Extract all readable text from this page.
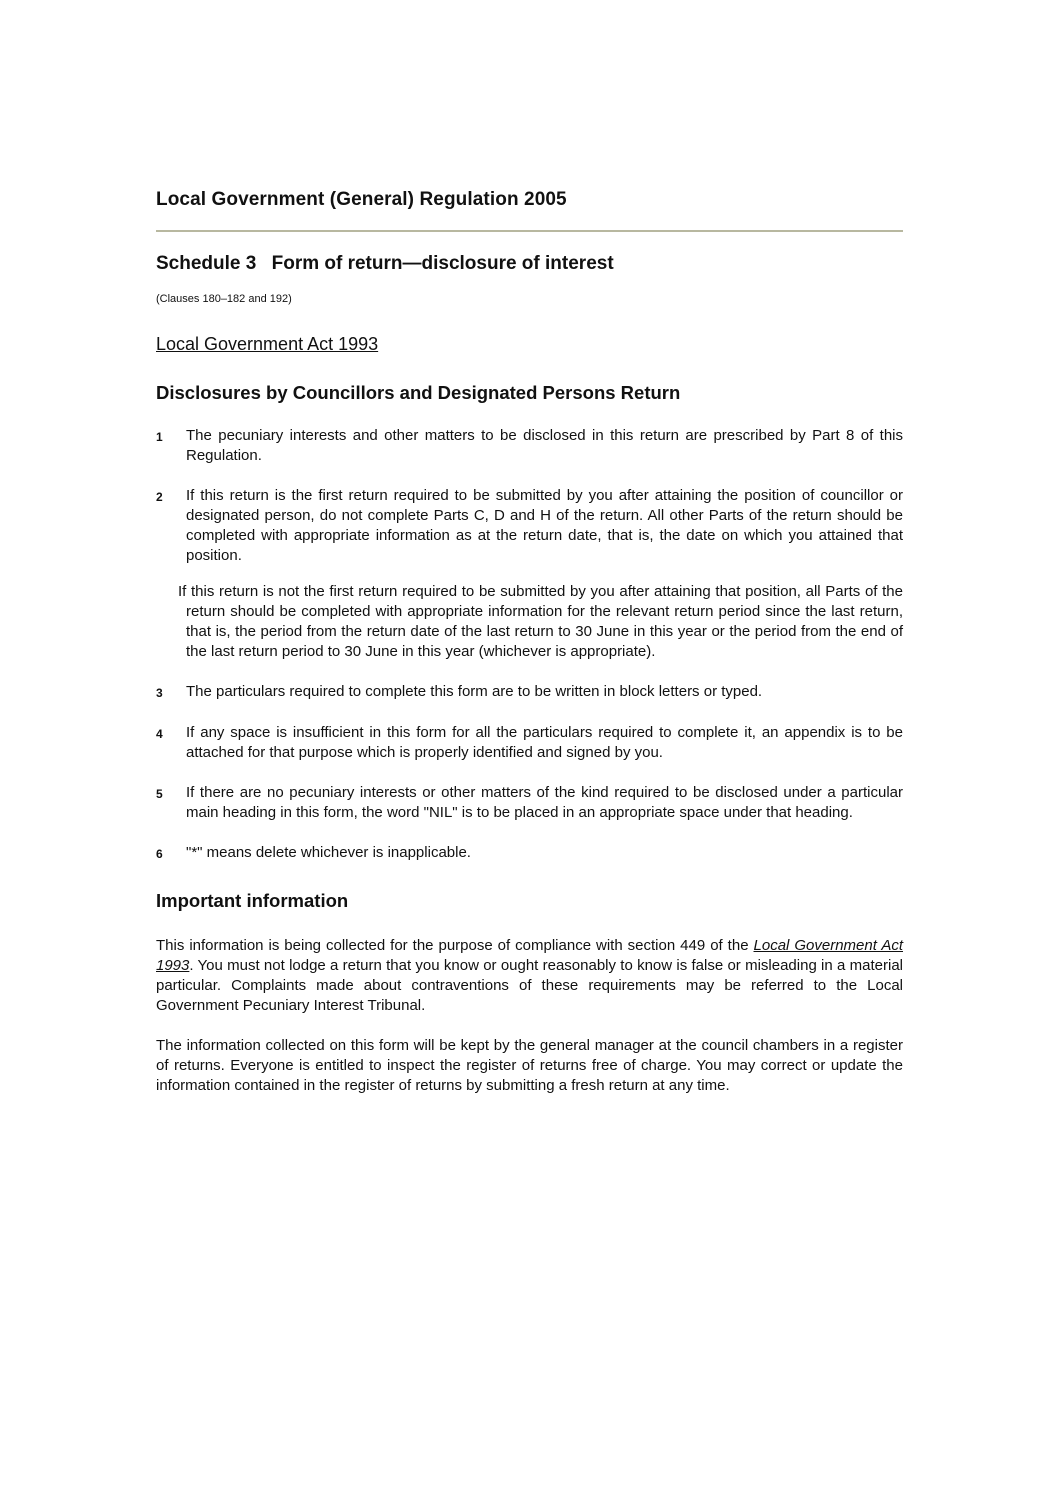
Local Government (General) Regulation 2005
Schedule 3 Form of return—disclosure of interest
(Clauses 180–182 and 192)
Local Government Act 1993
Disclosures by Councillors and Designated Persons Return
1	The pecuniary interests and other matters to be disclosed in this return are prescribed by Part 8 of this Regulation.
2	If this return is the first return required to be submitted by you after attaining the position of councillor or designated person, do not complete Parts C, D and H of the return. All other Parts of the return should be completed with appropriate information as at the return date, that is, the date on which you attained that position.
If this return is not the first return required to be submitted by you after attaining that position, all Parts of the return should be completed with appropriate information for the relevant return period since the last return, that is, the period from the return date of the last return to 30 June in this year or the period from the end of the last return period to 30 June in this year (whichever is appropriate).
3	The particulars required to complete this form are to be written in block letters or typed.
4	If any space is insufficient in this form for all the particulars required to complete it, an appendix is to be attached for that purpose which is properly identified and signed by you.
5	If there are no pecuniary interests or other matters of the kind required to be disclosed under a particular main heading in this form, the word "NIL" is to be placed in an appropriate space under that heading.
6	"*" means delete whichever is inapplicable.
Important information

This information is being collected for the purpose of compliance with section 449 of the Local Government Act 1993. You must not lodge a return that you know or ought reasonably to know is false or misleading in a material particular. Complaints made about contraventions of these requirements may be referred to the Local Government Pecuniary Interest Tribunal.

The information collected on this form will be kept by the general manager at the council chambers in a register of returns. Everyone is entitled to inspect the register of returns free of charge. You may correct or update the information contained in the register of returns by submitting a fresh return at any time.
